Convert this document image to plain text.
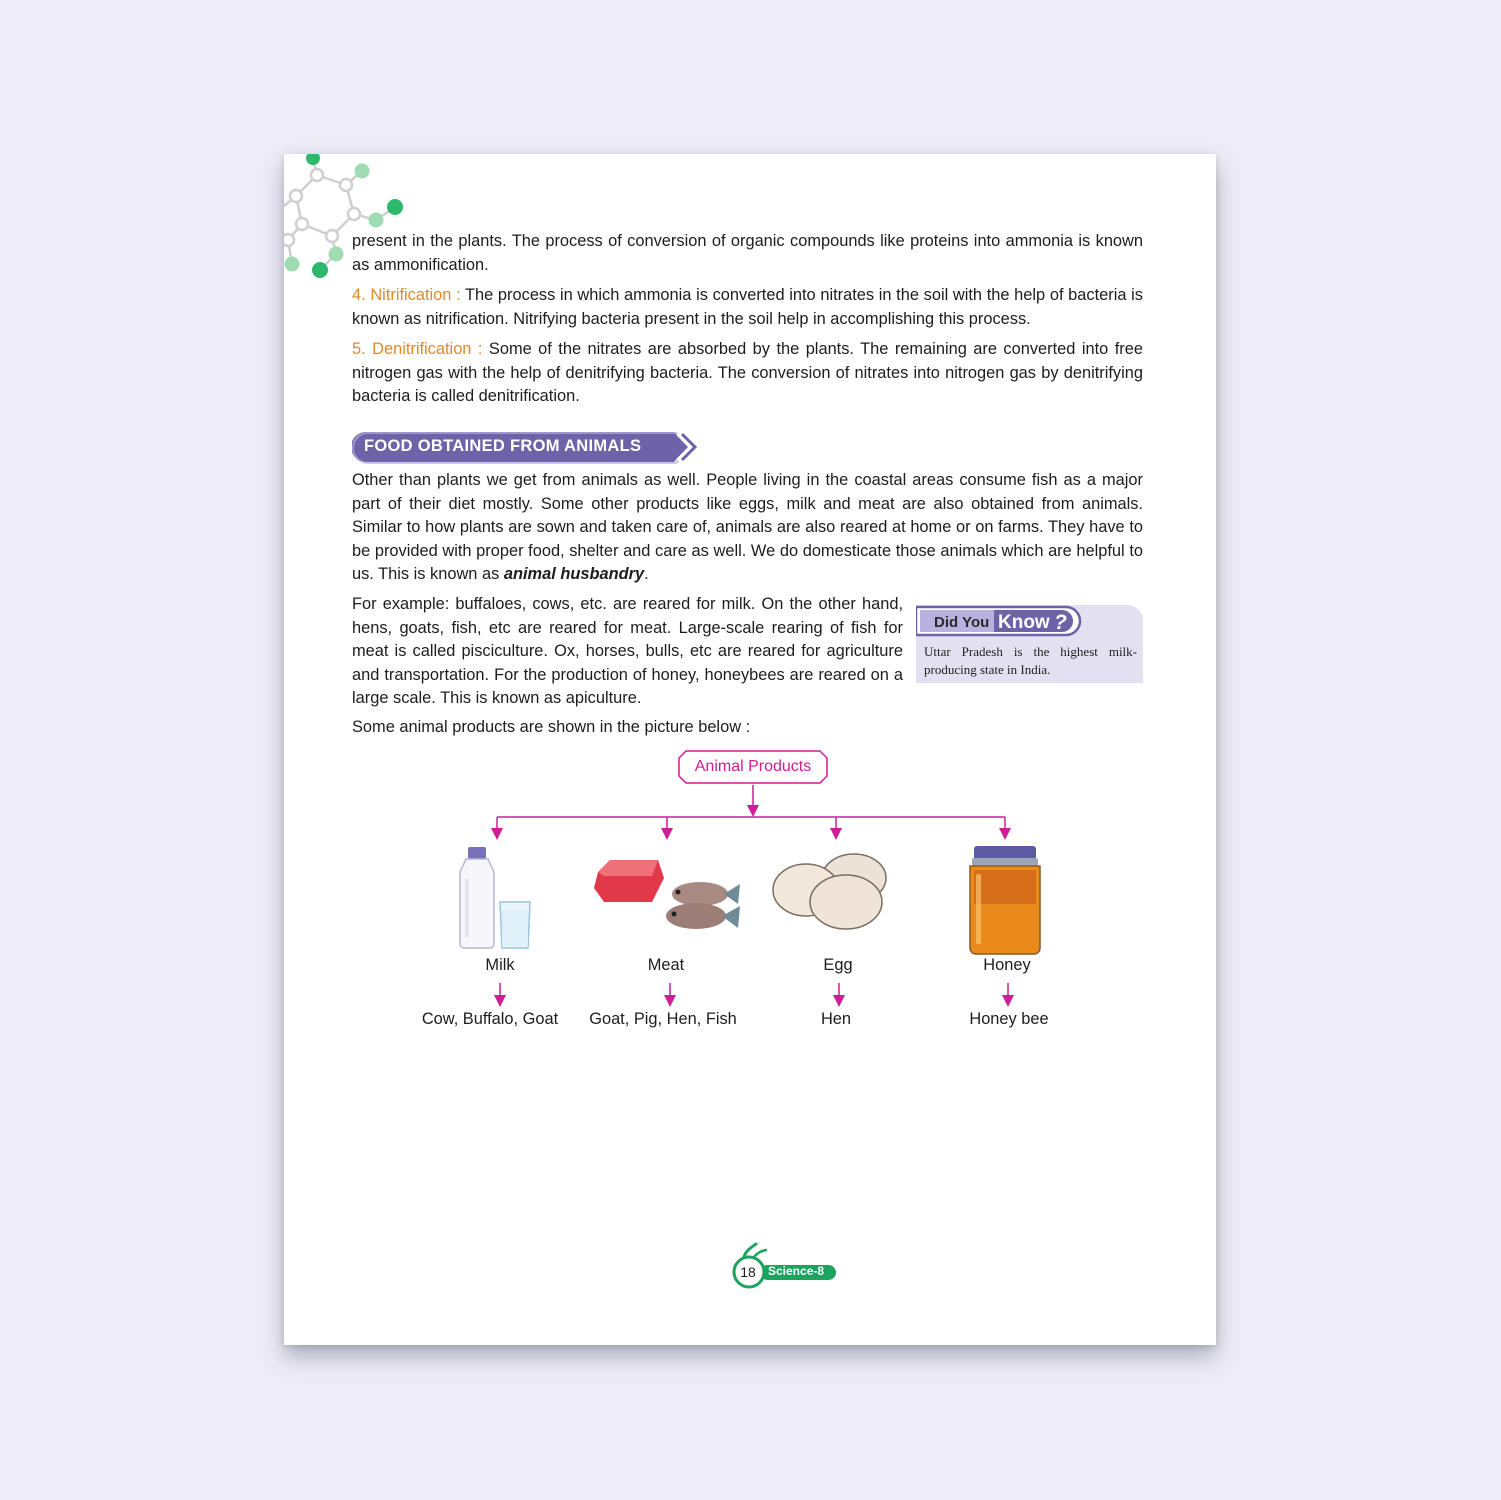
present in the plants. The process of conversion of organic compounds like proteins into ammonia is known as ammonification.

4. Nitrification : The process in which ammonia is converted into nitrates in the soil with the help of bacteria is known as nitrification. Nitrifying bacteria present in the soil help in accomplishing this process.

5. Denitrification : Some of the nitrates are absorbed by the plants. The remaining are converted into free nitrogen gas with the help of denitrifying bacteria. The conversion of nitrates into nitrogen gas by denitrifying bacteria is called denitrification.

FOOD OBTAINED FROM ANIMALS

Other than plants we get from animals as well. People living in the coastal areas consume fish as a major part of their diet mostly. Some other products like eggs, milk and meat are also obtained from animals. Similar to how plants are sown and taken care of, animals are also reared at home or on farms. They have to be provided with proper food, shelter and care as well. We do domesticate those animals which are helpful to us. This is known as animal husbandry.

For example: buffaloes, cows, etc. are reared for milk. On the other hand, hens, goats, fish, etc are reared for meat. Large-scale rearing of fish for meat is called pisciculture. Ox, horses, bulls, etc are reared for agriculture and transportation. For the production of honey, honeybees are reared on a large scale. This is known as apiculture.

Did You Know ?

Uttar Pradesh is the highest milk-producing state in India.

Some animal products are shown in the picture below :

Animal Products
Milk	Meat	Egg	Honey
Cow, Buffalo, Goat	Goat, Pig, Hen, Fish	Hen	Honey bee
18	Science-8
